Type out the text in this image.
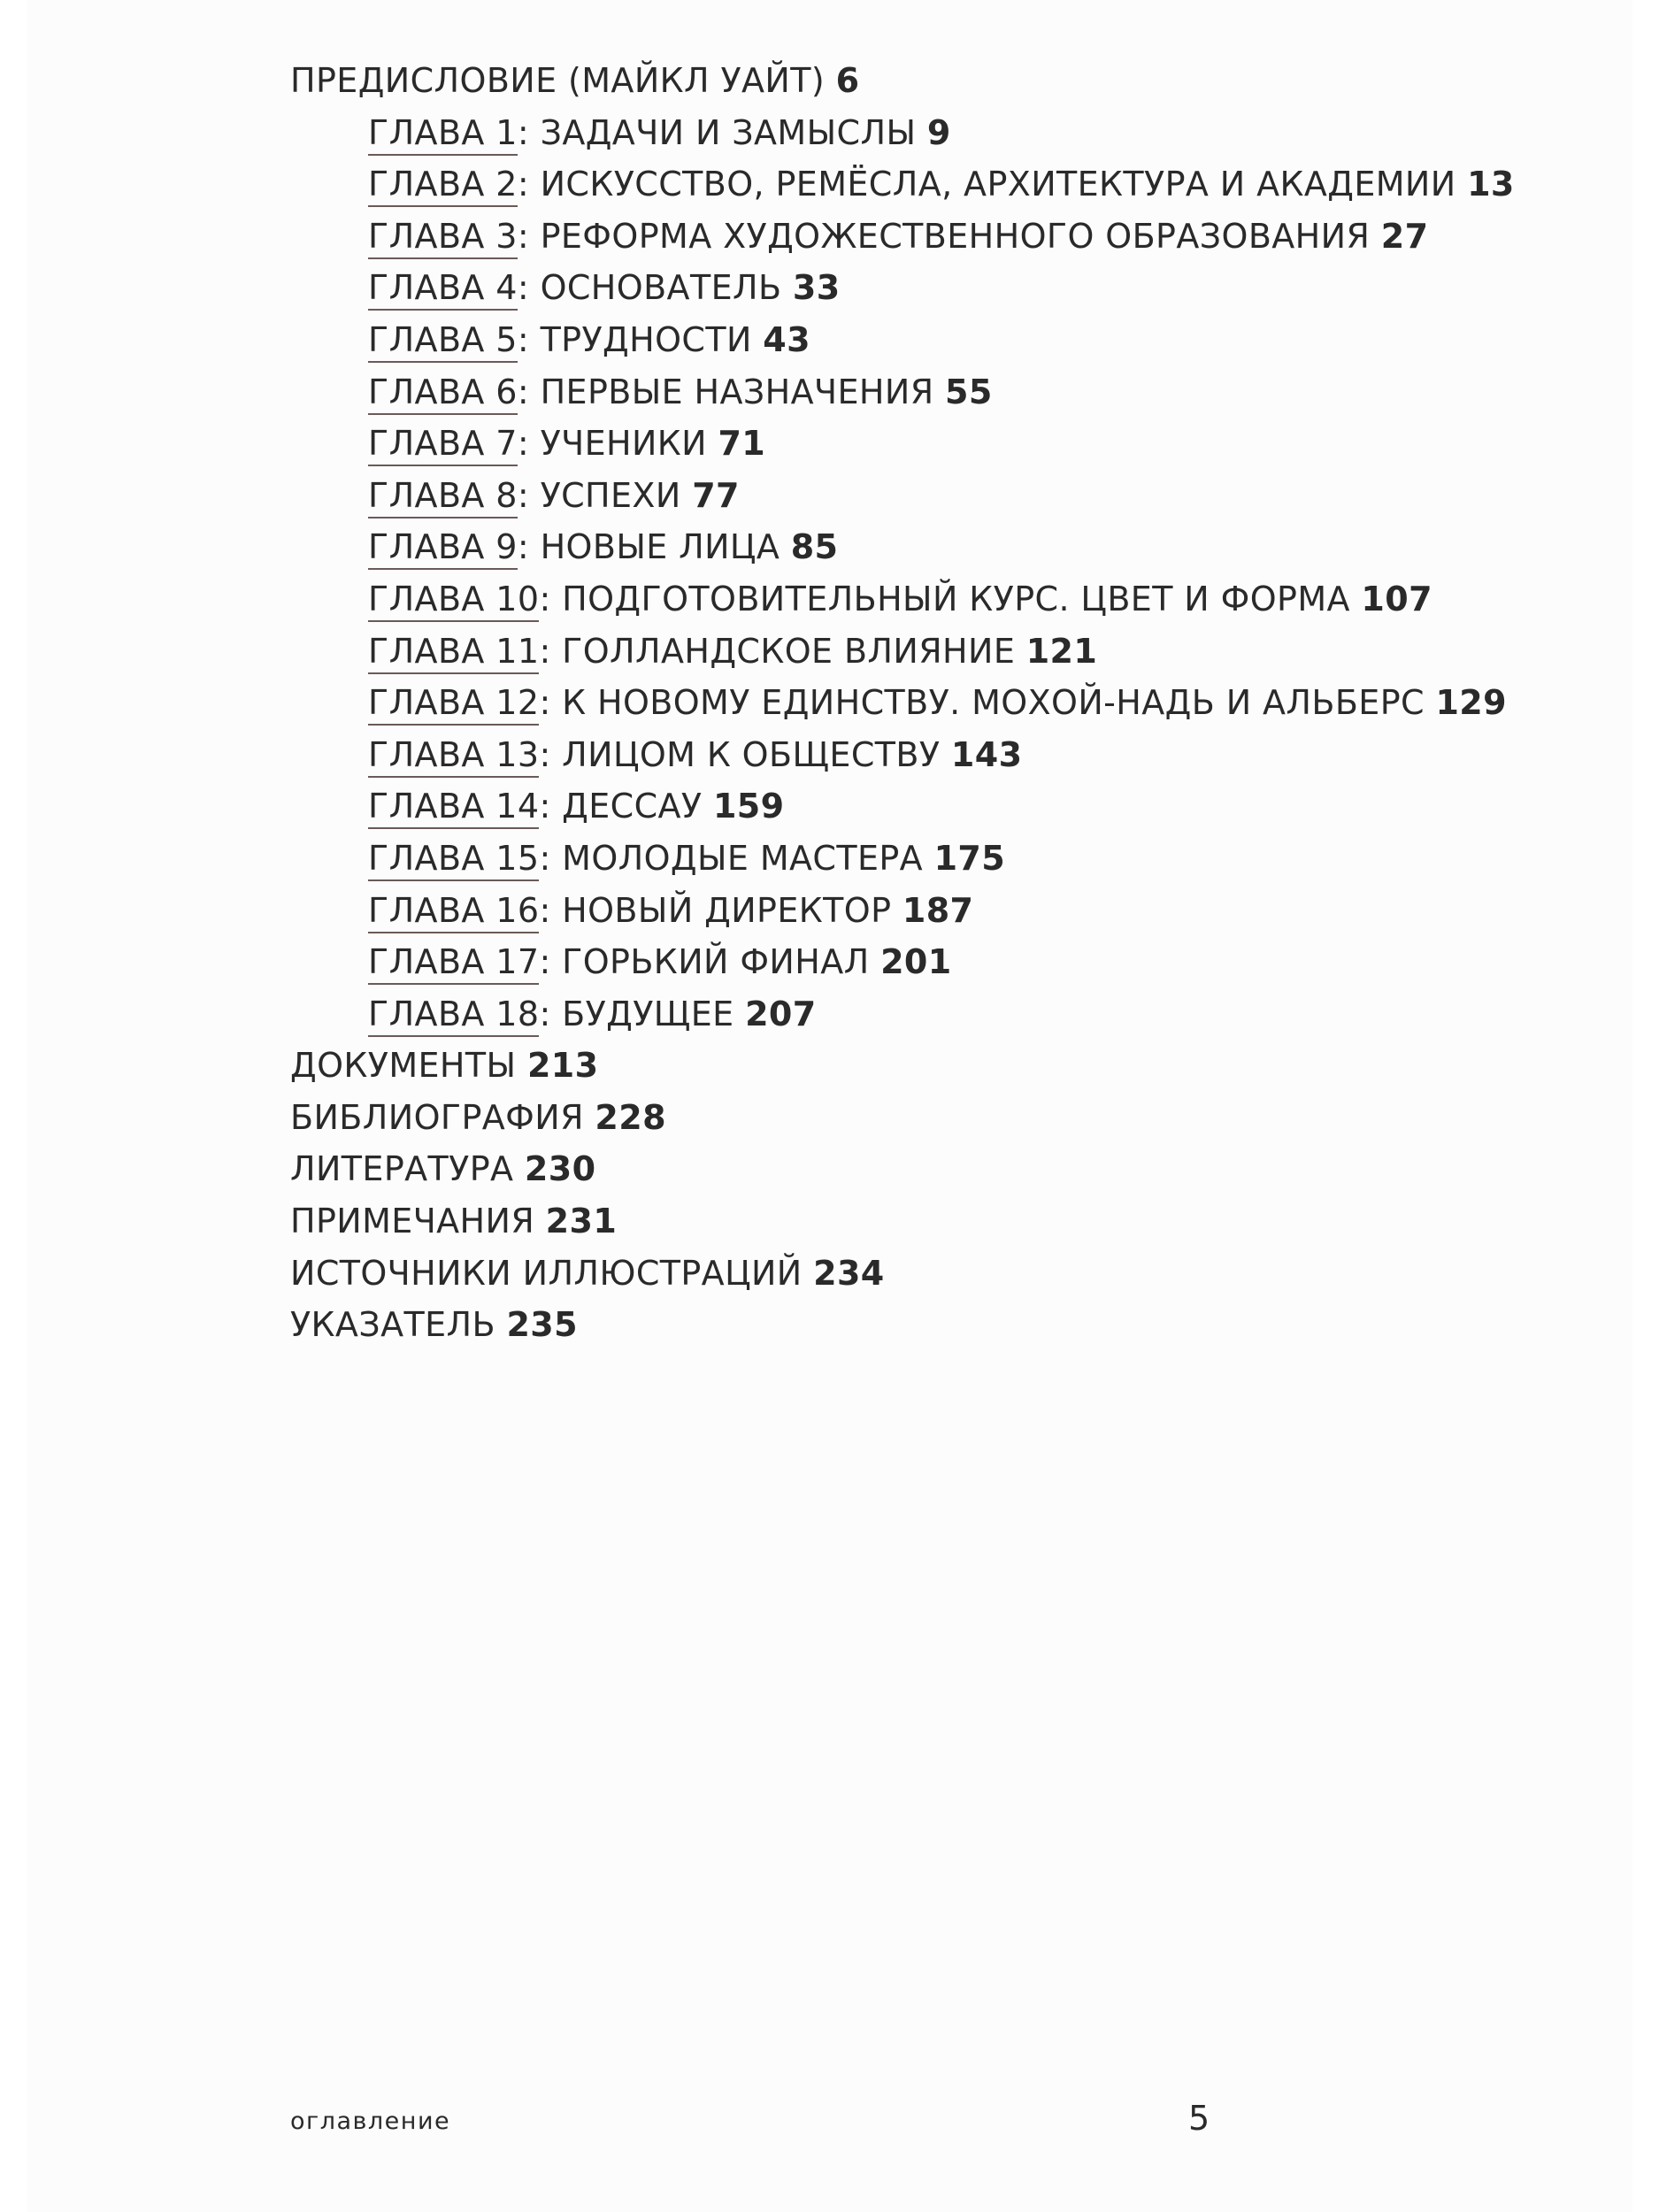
ПРЕДИСЛОВИЕ (МАЙКЛ УАЙТ) 6
ГЛАВА 1: ЗАДАЧИ И ЗАМЫСЛЫ 9
ГЛАВА 2: ИСКУССТВО, РЕМЁСЛА, АРХИТЕКТУРА И АКАДЕМИИ 13
ГЛАВА 3: РЕФОРМА ХУДОЖЕСТВЕННОГО ОБРАЗОВАНИЯ 27
ГЛАВА 4: ОСНОВАТЕЛЬ 33
ГЛАВА 5: ТРУДНОСТИ 43
ГЛАВА 6: ПЕРВЫЕ НАЗНАЧЕНИЯ 55
ГЛАВА 7: УЧЕНИКИ 71
ГЛАВА 8: УСПЕХИ 77
ГЛАВА 9: НОВЫЕ ЛИЦА 85
ГЛАВА 10: ПОДГОТОВИТЕЛЬНЫЙ КУРС. ЦВЕТ И ФОРМА 107
ГЛАВА 11: ГОЛЛАНДСКОЕ ВЛИЯНИЕ 121
ГЛАВА 12: К НОВОМУ ЕДИНСТВУ. МОХОЙ-НАДЬ И АЛЬБЕРС 129
ГЛАВА 13: ЛИЦОМ К ОБЩЕСТВУ 143
ГЛАВА 14: ДЕССАУ 159
ГЛАВА 15: МОЛОДЫЕ МАСТЕРА 175
ГЛАВА 16: НОВЫЙ ДИРЕКТОР 187
ГЛАВА 17: ГОРЬКИЙ ФИНАЛ 201
ГЛАВА 18: БУДУЩЕЕ 207
ДОКУМЕНТЫ 213
БИБЛИОГРАФИЯ 228
ЛИТЕРАТУРА 230
ПРИМЕЧАНИЯ 231
ИСТОЧНИКИ ИЛЛЮСТРАЦИЙ 234
УКАЗАТЕЛЬ 235
оглавление	5
